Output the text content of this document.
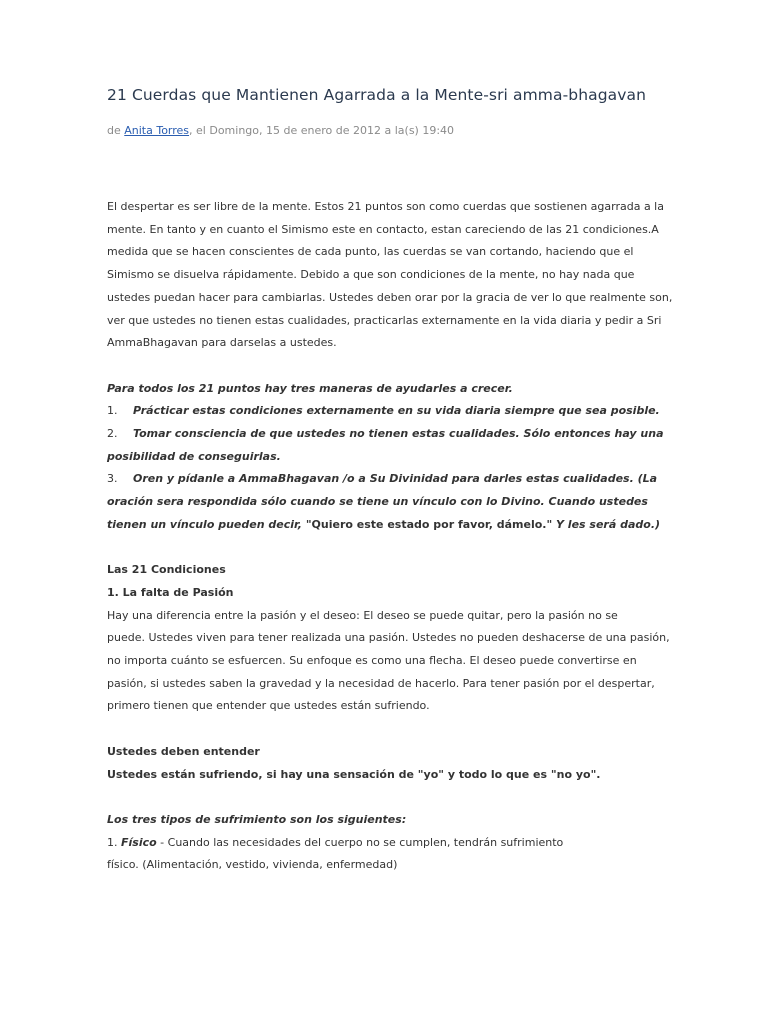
21 Cuerdas que Mantienen Agarrada a la Mente-sri amma-bhagavan
de Anita Torres, el Domingo, 15 de enero de 2012 a la(s) 19:40

El despertar es ser libre de la mente. Estos 21 puntos son como cuerdas que sostienen agarrada a la

mente. En tanto y en cuanto el Simismo este en contacto, estan careciendo de las 21 condiciones.A

medida que se hacen conscientes de cada punto, las cuerdas se van cortando, haciendo que el

Simismo se disuelva rápidamente. Debido a que son condiciones de la mente, no hay nada que

ustedes puedan hacer para cambiarlas. Ustedes deben orar por la gracia de ver lo que realmente son,

ver que ustedes no tienen estas cualidades, practicarlas externamente en la vida diaria y pedir a Sri

AmmaBhagavan para darselas a ustedes.

Para todos los 21 puntos hay tres maneras de ayudarles a crecer.

1. Prácticar estas condiciones externamente en su vida diaria siempre que sea posible.

2. Tomar consciencia de que ustedes no tienen estas cualidades. Sólo entonces hay una

posibilidad de conseguirlas.

3. Oren y pídanle a AmmaBhagavan /o a Su Divinidad para darles estas cualidades. (La

oración sera respondida sólo cuando se tiene un vínculo con lo Divino. Cuando ustedes

tienen un vínculo pueden decir, "Quiero este estado por favor, dámelo." Y les será dado.)

Las 21 Condiciones

1. La falta de Pasión

Hay una diferencia entre la pasión y el deseo: El deseo se puede quitar, pero la pasión no se

puede. Ustedes viven para tener realizada una pasión. Ustedes no pueden deshacerse de una pasión,

no importa cuánto se esfuercen. Su enfoque es como una flecha. El deseo puede convertirse en

pasión, si ustedes saben la gravedad y la necesidad de hacerlo. Para tener pasión por el despertar,

primero tienen que entender que ustedes están sufriendo.

Ustedes deben entender

Ustedes están sufriendo, si hay una sensación de "yo" y todo lo que es "no yo".

Los tres tipos de sufrimiento son los siguientes:

1. Físico - Cuando las necesidades del cuerpo no se cumplen, tendrán sufrimiento

físico. (Alimentación, vestido, vivienda, enfermedad)
